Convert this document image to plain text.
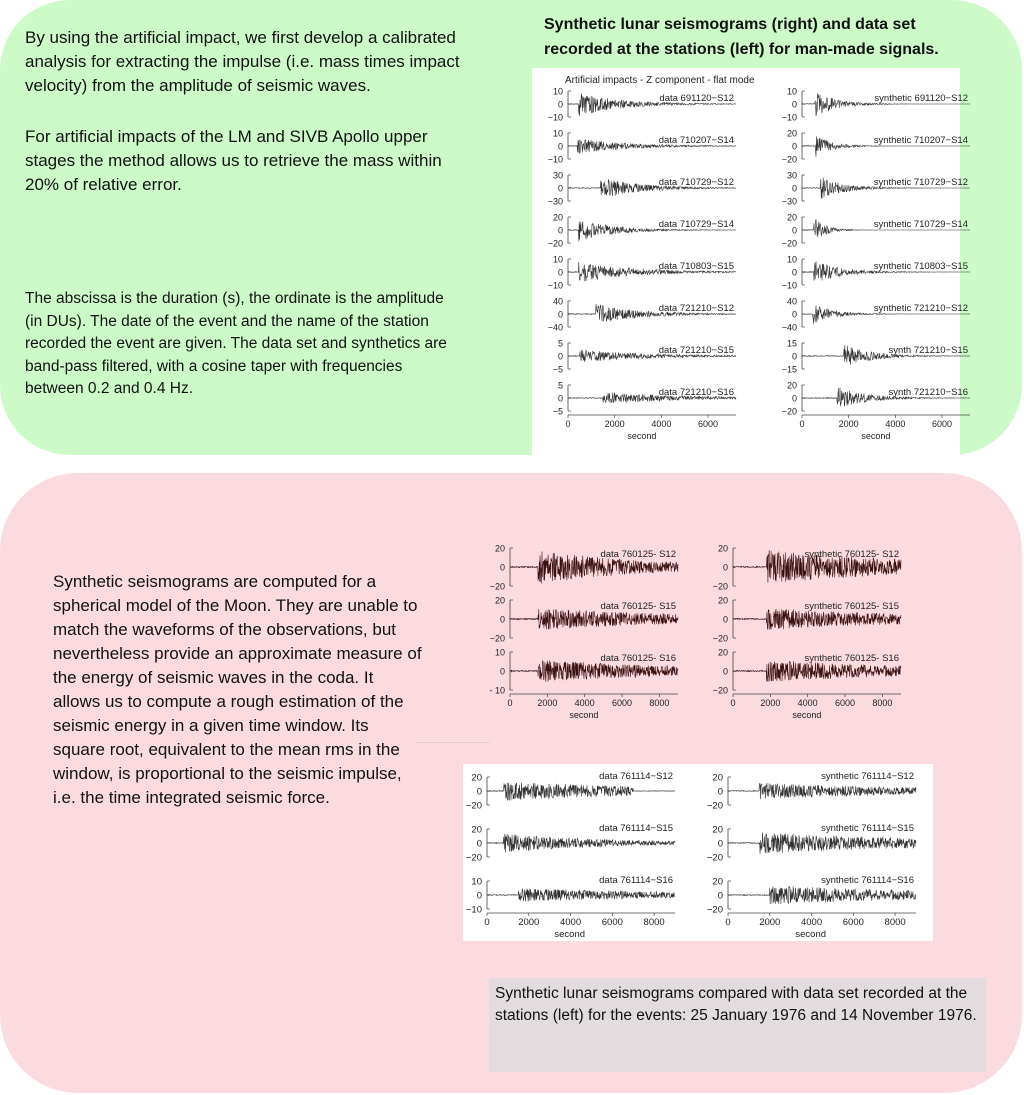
By using the artificial impact, we first develop a calibrated analysis for extracting the impulse (i.e. mass times impact velocity) from the amplitude of seismic waves.

For artificial impacts of the LM and SIVB Apollo upper stages the method allows us to retrieve the mass within 20% of relative error.

The abscissa is the duration (s), the ordinate is the amplitude (in DUs). The date of the event and the name of the station recorded the event are given. The data set and synthetics are band-pass filtered, with a cosine taper with frequencies between 0.2 and 0.4 Hz.

Synthetic lunar seismograms (right) and data set recorded at the stations (left) for man-made signals.

Artificial impacts - Z component - flat mode
10
0
−10
data 691120−S12
10
0
−10
data 710207−S14
30
0
−30
data 710729−S12
20
0
−20
data 710729−S14
10
0
−10
data 710803−S15
40
0
−40
data 721210−S12
5
0
−5
data 721210−S15
5
0
−5
data 721210−S16
0	2000	4000	6000
second
10
0
−10
synthetic 691120−S12
20
0
−20
synthetic 710207−S14
30
0
−30
synthetic 710729−S12
20
0
−20
synthetic 710729−S14
10
0
−10
synthetic 710803−S15
40
0
−40
synthetic 721210−S12
15
0
−15
synth 721210−S15
20
0
−20
synth 721210−S16
0	2000	4000	6000
second
20
0
−20
data 760125- S12
20
0
−20
data 760125- S15
10
0
- 10
data 760125- S16
0	2000 4000 6000 8000
second
20
0
−20
synthetic 760125- S12
20
0
−20
synthetic 760125- S15
20
0
−20
synthetic 760125- S16
0	2000 4000 6000 8000
second
20
0
−20
data 761114−S12
20
0
−20
data 761114−S15
10
0
−10
data 761114−S16
0	2000 4000 6000 8000
second
20
0
−20
synthetic 761114−S12
20
0
−20
synthetic 761114−S15
20
0
−20
synthetic 761114−S16
0	2000 4000 6000 8000
second

Synthetic seismograms are computed for a spherical model of the Moon. They are unable to match the waveforms of the observations, but nevertheless provide an approximate measure of the energy of seismic waves in the coda. It allows us to compute a rough estimation of the seismic energy in a given time window. Its square root, equivalent to the mean rms in the window, is proportional to the seismic impulse, i.e. the time integrated seismic force.

Synthetic lunar seismograms compared with data set recorded at the stations (left) for the events: 25 January 1976 and 14 November 1976.
